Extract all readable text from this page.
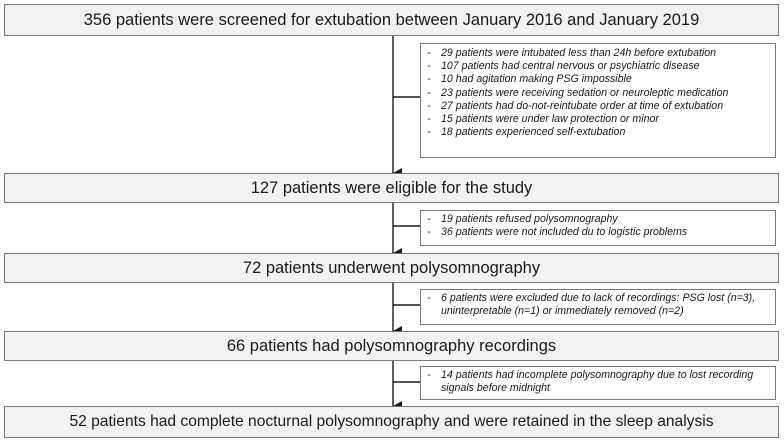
356 patients were screened for extubation between January 2016 and January 2019
127 patients were eligible for the study
72 patients underwent polysomnography
66 patients had polysomnography recordings
52 patients had complete nocturnal polysomnography and were retained in the sleep analysis
- 29 patients were intubated less than 24h before extubation
- 107 patients had central nervous or psychiatric disease
- 10 had agitation making PSG impossible
- 23 patients were receiving sedation or neuroleptic medication
- 27 patients had do-not-reintubate order at time of extubation
- 15 patients were under law protection or minor
- 18 patients experienced self-extubation
- 19 patients refused polysomnography
- 36 patients were not included du to logistic problems
- 6 patients were excluded due to lack of recordings: PSG lost (n=3), uninterpretable (n=1) or immediately removed (n=2)
- 14 patients had incomplete polysomnography due to lost recording signals before midnight
